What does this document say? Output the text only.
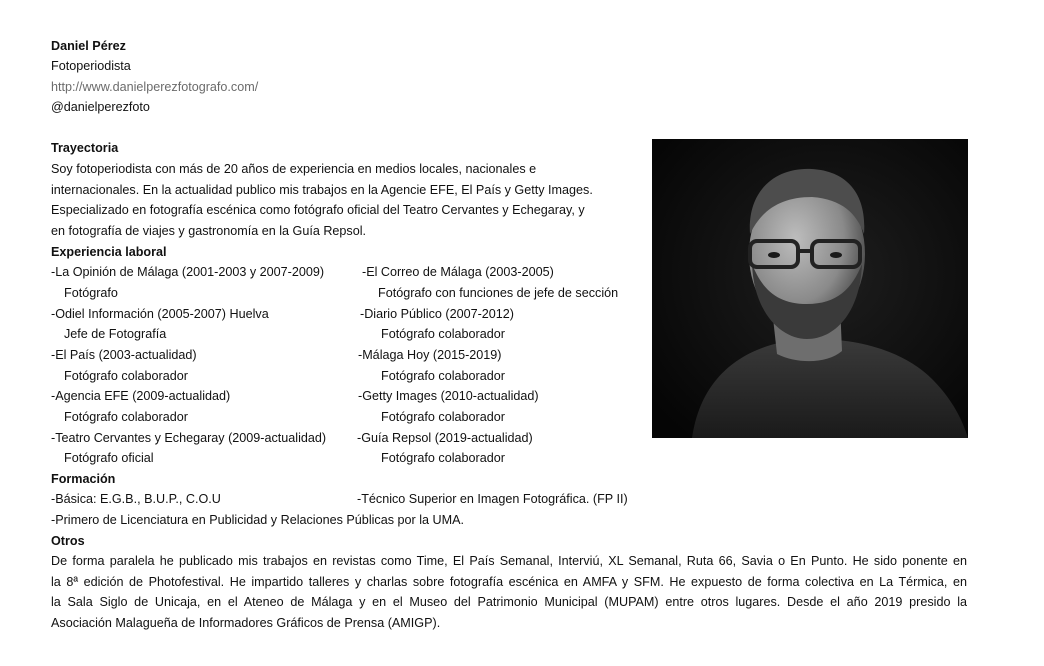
Daniel Pérez
Fotoperiodista
http://www.danielperezfotografo.com/
@danielperezfoto
Trayectoria
Soy fotoperiodista con más de 20 años de experiencia en medios locales, nacionales e
internacionales. En la actualidad publico mis trabajos en la Agencie EFE, El País y Getty Images.
Especializado en fotografía escénica como fotógrafo oficial del Teatro Cervantes y Echegaray, y
en fotografía de viajes y gastronomía en la Guía Repsol.
Experiencia laboral
-La Opinión de Málaga (2001-2003 y 2007-2009)	-El Correo de Málaga (2003-2005)
Fotógrafo	Fotógrafo con funciones de jefe de sección
-Odiel Información (2005-2007) Huelva	-Diario Público (2007-2012)
Jefe de Fotografía	Fotógrafo colaborador
-El País (2003-actualidad)	-Málaga Hoy (2015-2019)
Fotógrafo colaborador	Fotógrafo colaborador
-Agencia EFE (2009-actualidad)	-Getty Images (2010-actualidad)
Fotógrafo colaborador	Fotógrafo colaborador
-Teatro Cervantes y Echegaray (2009-actualidad) -Guía Repsol (2019-actualidad)
Fotógrafo oficial	Fotógrafo colaborador
Formación
-Básica: E.G.B., B.U.P., C.O.U	-Técnico Superior en Imagen Fotográfica. (FP II)
-Primero de Licenciatura en Publicidad y Relaciones Públicas por la UMA.
Otros
De forma paralela he publicado mis trabajos en revistas como Time, El País Semanal, Interviú, XL Semanal, Ruta 66, Savia o En Punto. He sido ponente en
la 8ª edición de Photofestival. He impartido talleres y charlas sobre fotografía escénica en AMFA y SFM. He expuesto de forma colectiva en La Térmica, en
la Sala Siglo de Unicaja, en el Ateneo de Málaga y en el Museo del Patrimonio Municipal (MUPAM) entre otros lugares. Desde el año 2019 presido la
Asociación Malagueña de Informadores Gráficos de Prensa (AMIGP).
